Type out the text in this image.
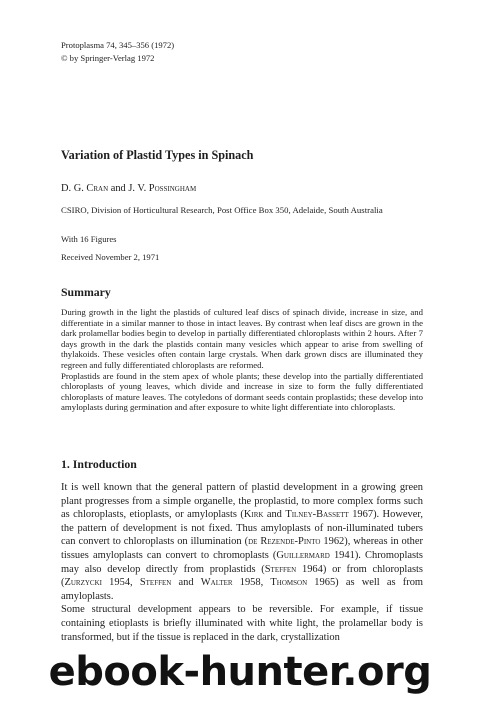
Protoplasma 74, 345–356 (1972)
© by Springer-Verlag 1972
Variation of Plastid Types in Spinach
D. G. Cran and J. V. Possingham
CSIRO, Division of Horticultural Research, Post Office Box 350, Adelaide, South Australia
With 16 Figures
Received November 2, 1971
Summary

During growth in the light the plastids of cultured leaf discs of spinach divide, increase in size, and differentiate in a similar manner to those in intact leaves. By contrast when leaf discs are grown in the dark prolamellar bodies begin to develop in partially differentiated chloroplasts within 2 hours. After 7 days growth in the dark the plastids contain many vesicles which appear to arise from swelling of thylakoids. These vesicles often contain large crystals. When dark grown discs are illuminated they regreen and fully differentiated chloroplasts are reformed.

Proplastids are found in the stem apex of whole plants; these develop into the partially differentiated chloroplasts of young leaves, which divide and increase in size to form the fully differentiated chloroplasts of mature leaves. The cotyledons of dormant seeds contain proplastids; these develop into amyloplasts during germination and after exposure to white light differentiate into chloroplasts.

1. Introduction

It is well known that the general pattern of plastid development in a growing green plant progresses from a simple organelle, the proplastid, to more complex forms such as chloroplasts, etioplasts, or amyloplasts (Kirk and Tilney-Bassett 1967). However, the pattern of development is not fixed. Thus amyloplasts of non-illuminated tubers can convert to chloroplasts on illumination (de Rezende-Pinto 1962), whereas in other tissues amyloplasts can convert to chromoplasts (Guillermard 1941). Chromoplasts may also develop directly from proplastids (Steffen 1964) or from chloroplasts (Zurzycki 1954, Steffen and Walter 1958, Thomson 1965) as well as from amyloplasts.

Some structural development appears to be reversible. For example, if tissue containing etioplasts is briefly illuminated with white light, the prolamellar body is transformed, but if the tissue is replaced in the dark, crystallization

ebook-hunter.org
